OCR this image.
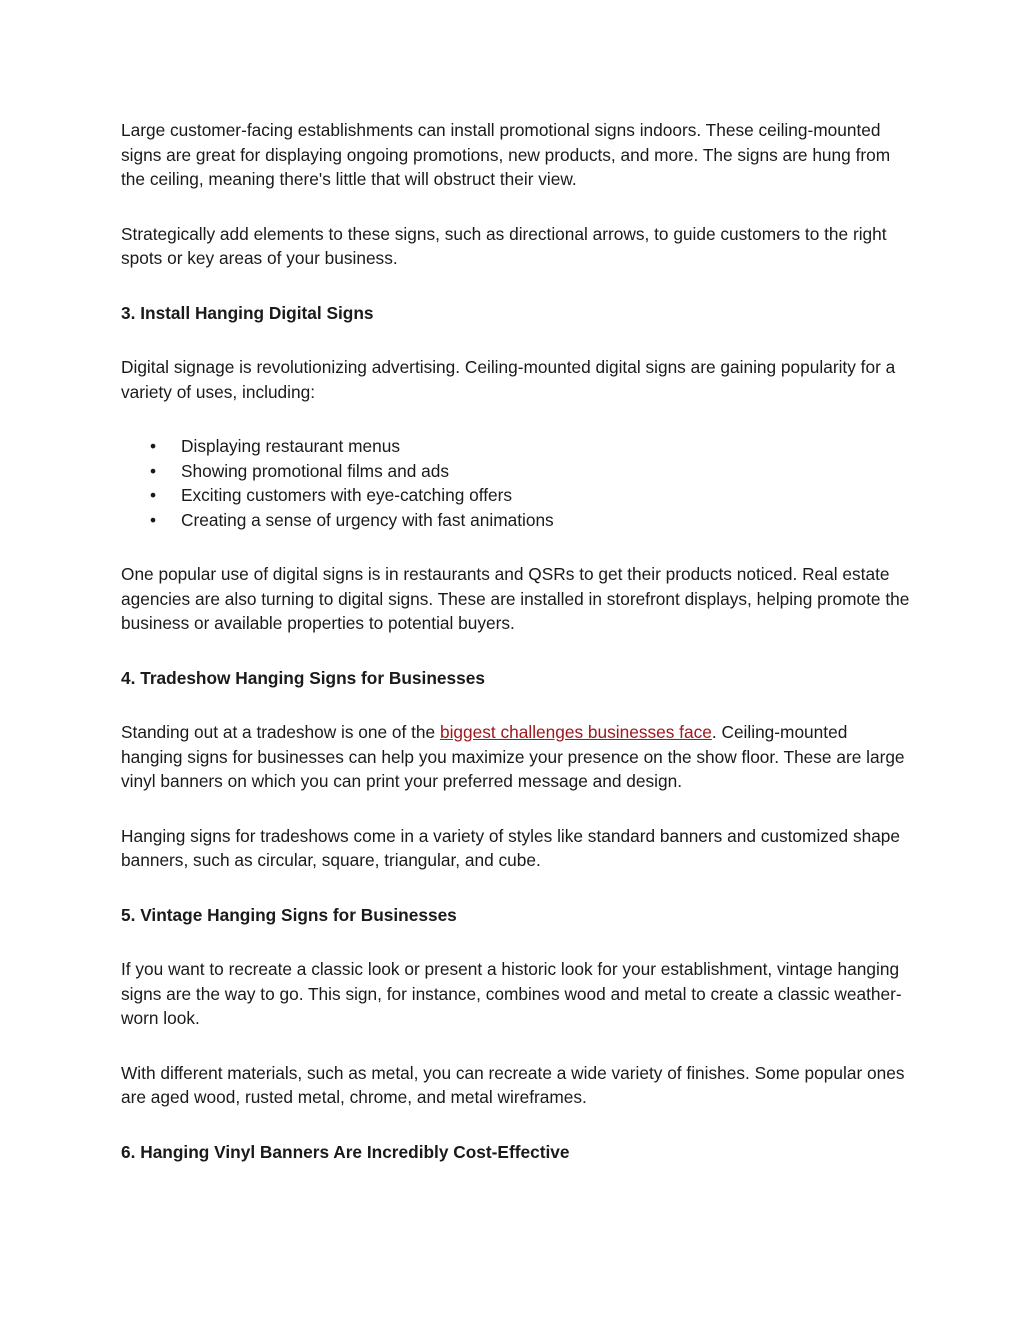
Large customer-facing establishments can install promotional signs indoors. These ceiling-mounted signs are great for displaying ongoing promotions, new products, and more. The signs are hung from the ceiling, meaning there's little that will obstruct their view.

Strategically add elements to these signs, such as directional arrows, to guide customers to the right spots or key areas of your business.

3. Install Hanging Digital Signs

Digital signage is revolutionizing advertising. Ceiling-mounted digital signs are gaining popularity for a variety of uses, including:

• Displaying restaurant menus
• Showing promotional films and ads
• Exciting customers with eye-catching offers
• Creating a sense of urgency with fast animations

One popular use of digital signs is in restaurants and QSRs to get their products noticed. Real estate agencies are also turning to digital signs. These are installed in storefront displays, helping promote the business or available properties to potential buyers.

4. Tradeshow Hanging Signs for Businesses

Standing out at a tradeshow is one of the biggest challenges businesses face. Ceiling-mounted hanging signs for businesses can help you maximize your presence on the show floor. These are large vinyl banners on which you can print your preferred message and design.

Hanging signs for tradeshows come in a variety of styles like standard banners and customized shape banners, such as circular, square, triangular, and cube.

5. Vintage Hanging Signs for Businesses

If you want to recreate a classic look or present a historic look for your establishment, vintage hanging signs are the way to go. This sign, for instance, combines wood and metal to create a classic weather-worn look.

With different materials, such as metal, you can recreate a wide variety of finishes. Some popular ones are aged wood, rusted metal, chrome, and metal wireframes.

6. Hanging Vinyl Banners Are Incredibly Cost-Effective
